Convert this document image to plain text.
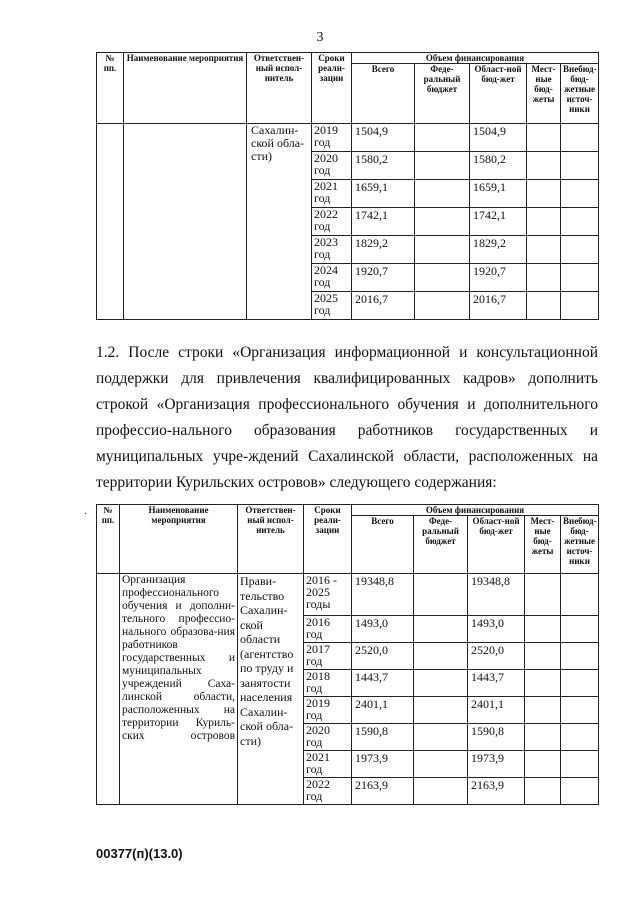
3
№ пп.	Наименование мероприятия	Ответствен-ный испол-нитель	Сроки реали-зации	Объем финансирования				
				Всего	Феде-ральный бюджет	Област-ной бюд-жет	Мест-ные бюд-жеты	Внебюд-бюд-жетные источ-ники
		Сахалин-ской обла-сти)	2019 год	1504,9		1504,9		
			2020 год	1580,2		1580,2		
			2021 год	1659,1		1659,1		
			2022 год	1742,1		1742,1		
			2023 год	1829,2		1829,2		
			2024 год	1920,7		1920,7		
			2025 год	2016,7		2016,7		
1.2. После строки «Организация информационной и консультационной поддержки для привлечения квалифицированных кадров» дополнить строкой «Организация профессионального обучения и дополнительного профессио-нального образования работников государственных и муниципальных учре-ждений Сахалинской области, расположенных на территории Курильских островов» следующего содержания:
· № пп.	Наименование мероприятия	Ответствен-ный испол-нитель	Сроки реали-зации	Объем финансирования				
				Всего	Феде-ральный бюджет	Област-ной бюд-жет	Мест-ные бюд-жеты	Внебюд-бюд-жетные источ-ники
	Организация профессионального обучения и дополни-тельного профессио-нального образова-ния работников государственных и муниципальных учреждений Саха-линской области, расположенных на территории Куриль-ских островов	Прави-тельство Сахалин-ской области (агентство по труду и занятости населения Сахалин-ской обла-сти)	2016 - 2025 годы	19348,8		19348,8		
			2016 год	1493,0		1493,0		
			2017 год	2520,0		2520,0		
			2018 год	1443,7		1443,7		
			2019 год	2401,1		2401,1		
			2020 год	1590,8		1590,8		
			2021 год	1973,9		1973,9		
			2022 год	2163,9		2163,9		
00377(п)(13.0)
